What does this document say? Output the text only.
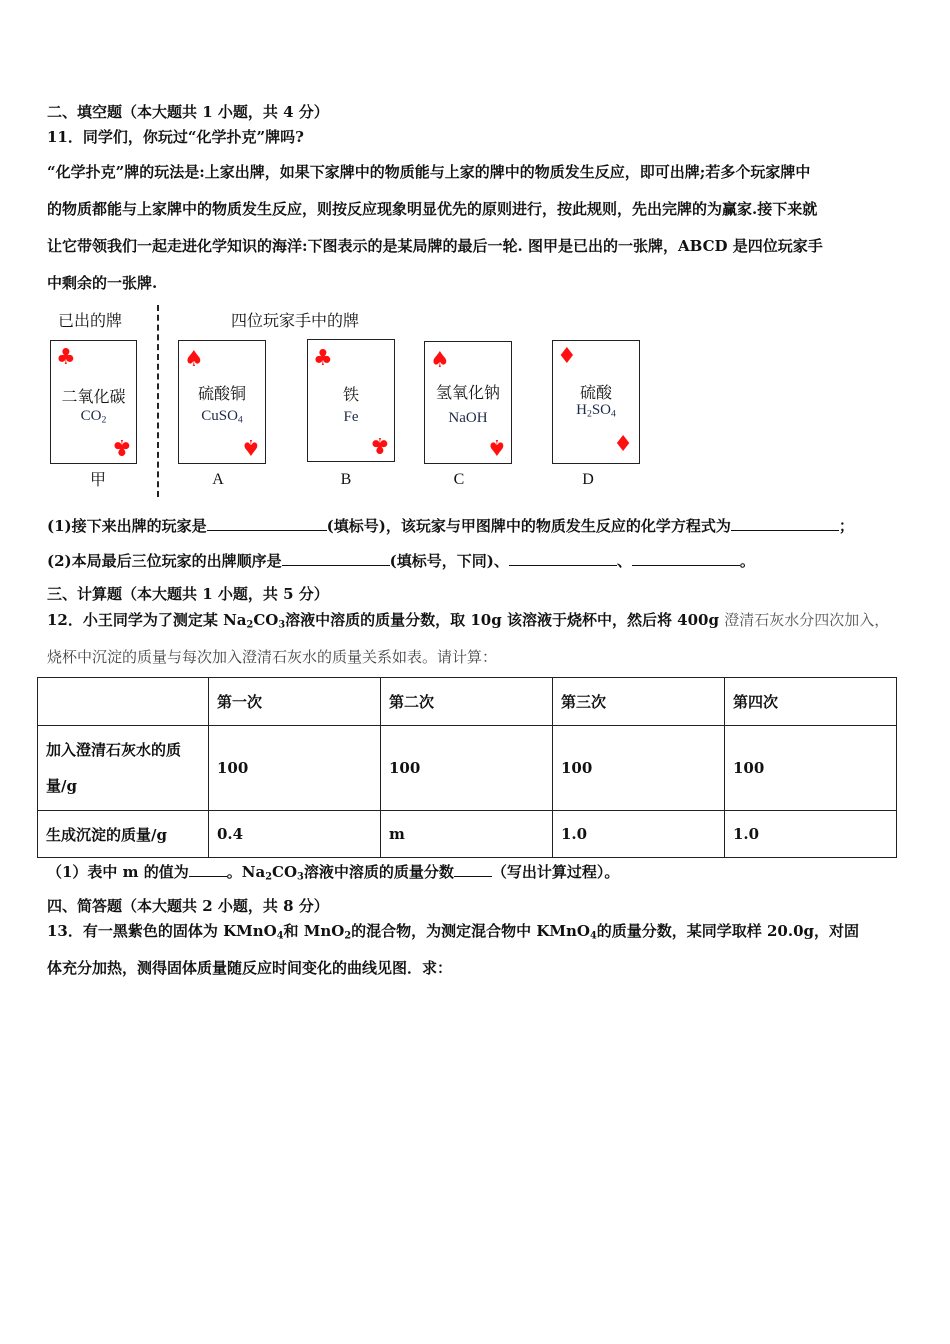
二、填空题（本大题共 1 小题，共 4 分）
11．同学们，你玩过“化学扑克”牌吗?
“化学扑克”牌的玩法是:上家出牌，如果下家牌中的物质能与上家的牌中的物质发生反应，即可出牌;若多个玩家牌中
的物质都能与上家牌中的物质发生反应，则按反应现象明显优先的原则进行，按此规则，先出完牌的为赢家.接下来就
让它带领我们一起走进化学知识的海洋:下图表示的是某局牌的最后一轮. 图甲是已出的一张牌，ABCD 是四位玩家手
中剩余的一张牌.
已出的牌	四位玩家手中的牌
♣
二氧化碳
$CO_2$
♣
甲
♠
硫酸铜
CuSO$_4$
♠
A
♣
铁
Fe
♣
B
♠
氢氧化钠
NaOH
♠
C
♦
硫酸
$H_2SO_4$
♦
D
(1)接下来出牌的玩家是	(填标号)，该玩家与甲图牌中的物质发生反应的化学方程式为	；
(2)本局最后三位玩家的出牌顺序是	(填标号，下同)、	、	。
三、计算题（本大题共 1 小题，共 5 分）
12．小王同学为了测定某 $Na_2CO_3$溶液中溶质的质量分数，取 10g 该溶液于烧杯中，然后将 400g 澄清石灰水分四次加入，
烧杯中沉淀的质量与每次加入澄清石灰水的质量关系如表。请计算：
	第一次	第二次	第三次	第四次
加入澄清石灰水的质
量/g	100	100	100	100
生成沉淀的质量/g	0.4	m	1.0	1.0
（1）表中 m 的值为	。$Na_2CO_3$溶液中溶质的质量分数	（写出计算过程）。
四、简答题（本大题共 2 小题，共 8 分）
13．有一黑紫色的固体为 KMnO$_4$和 MnO$_2$的混合物，为测定混合物中 KMnO$_4$的质量分数，某同学取样 20.0g，对固
体充分加热，测得固体质量随反应时间变化的曲线见图．求：
